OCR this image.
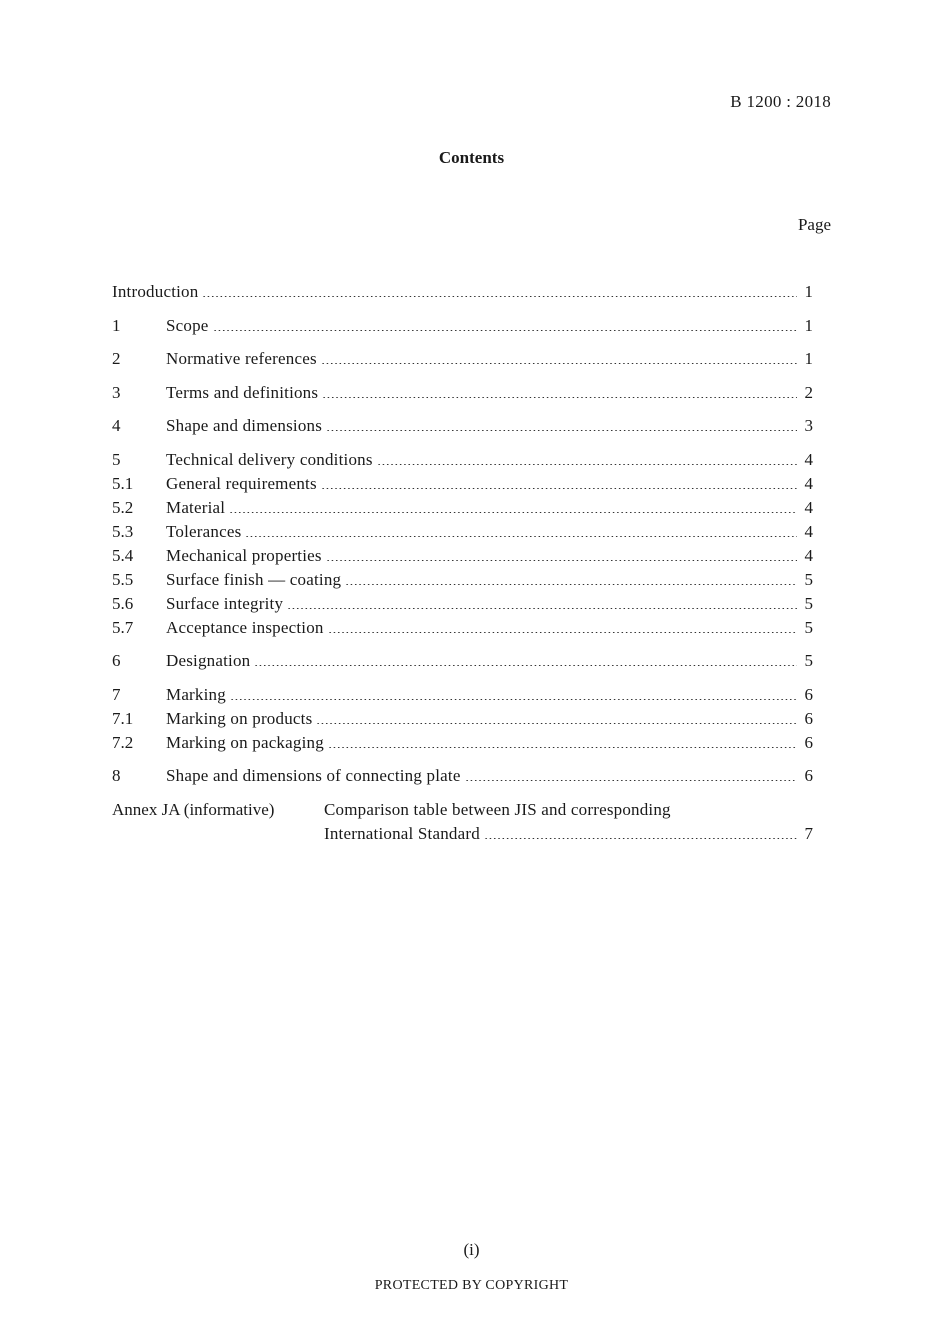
B 1200 : 2018
Contents
Page
Introduction	1
1	Scope	1
2	Normative references	1
3	Terms and definitions	2
4	Shape and dimensions	3
5	Technical delivery conditions	4
5.1	General requirements	4
5.2	Material	4
5.3	Tolerances	4
5.4	Mechanical properties	4
5.5	Surface finish — coating	5
5.6	Surface integrity	5
5.7	Acceptance inspection	5
6	Designation	5
7	Marking	6
7.1	Marking on products	6
7.2	Marking on packaging	6
8	Shape and dimensions of connecting plate	6
Annex JA (informative)	Comparison table between JIS and corresponding
International Standard	7
(i)
PROTECTED BY COPYRIGHT
